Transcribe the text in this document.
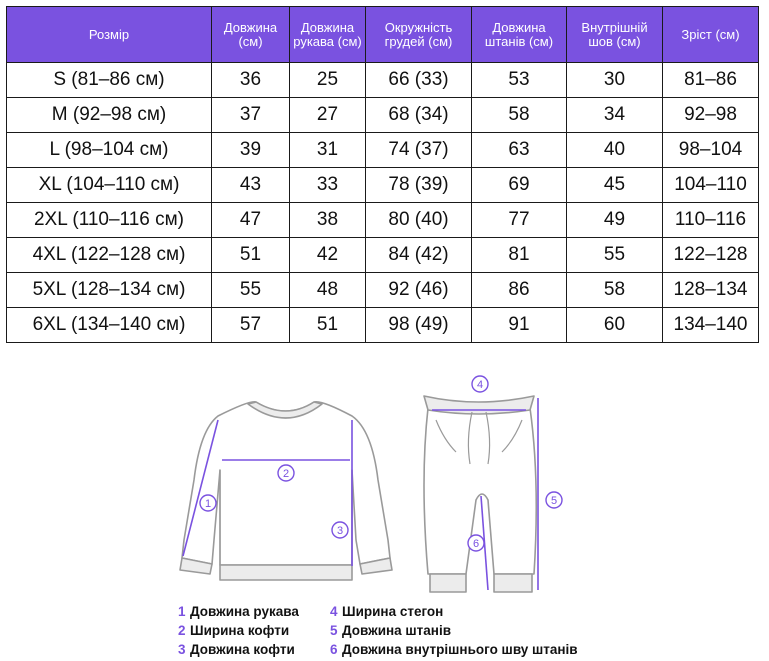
Розмір	Довжина (см)	Довжина рукава (см)	Окружність грудей (см)	Довжина штанів (см)	Внутрішній шов (см)	Зріст (см)
S (81–86 см)	36	25	66 (33)	53	30	81–86
M (92–98 см)	37	27	68 (34)	58	34	92–98
L (98–104 см)	39	31	74 (37)	63	40	98–104
XL (104–110 см)	43	33	78 (39)	69	45	104–110
2XL (110–116 см)	47	38	80 (40)	77	49	110–116
4XL (122–128 см)	51	42	84 (42)	81	55	122–128
5XL (128–134 см)	55	48	92 (46)	86	58	128–134
6XL (134–140 см)	57	51	98 (49)	91	60	134–140
1
2
3
4
5
6
1 Довжина рукава
2 Ширина кофти
3 Довжина кофти
4 Ширина стегон
5 Довжина штанів
6 Довжина внутрішнього шву штанів
